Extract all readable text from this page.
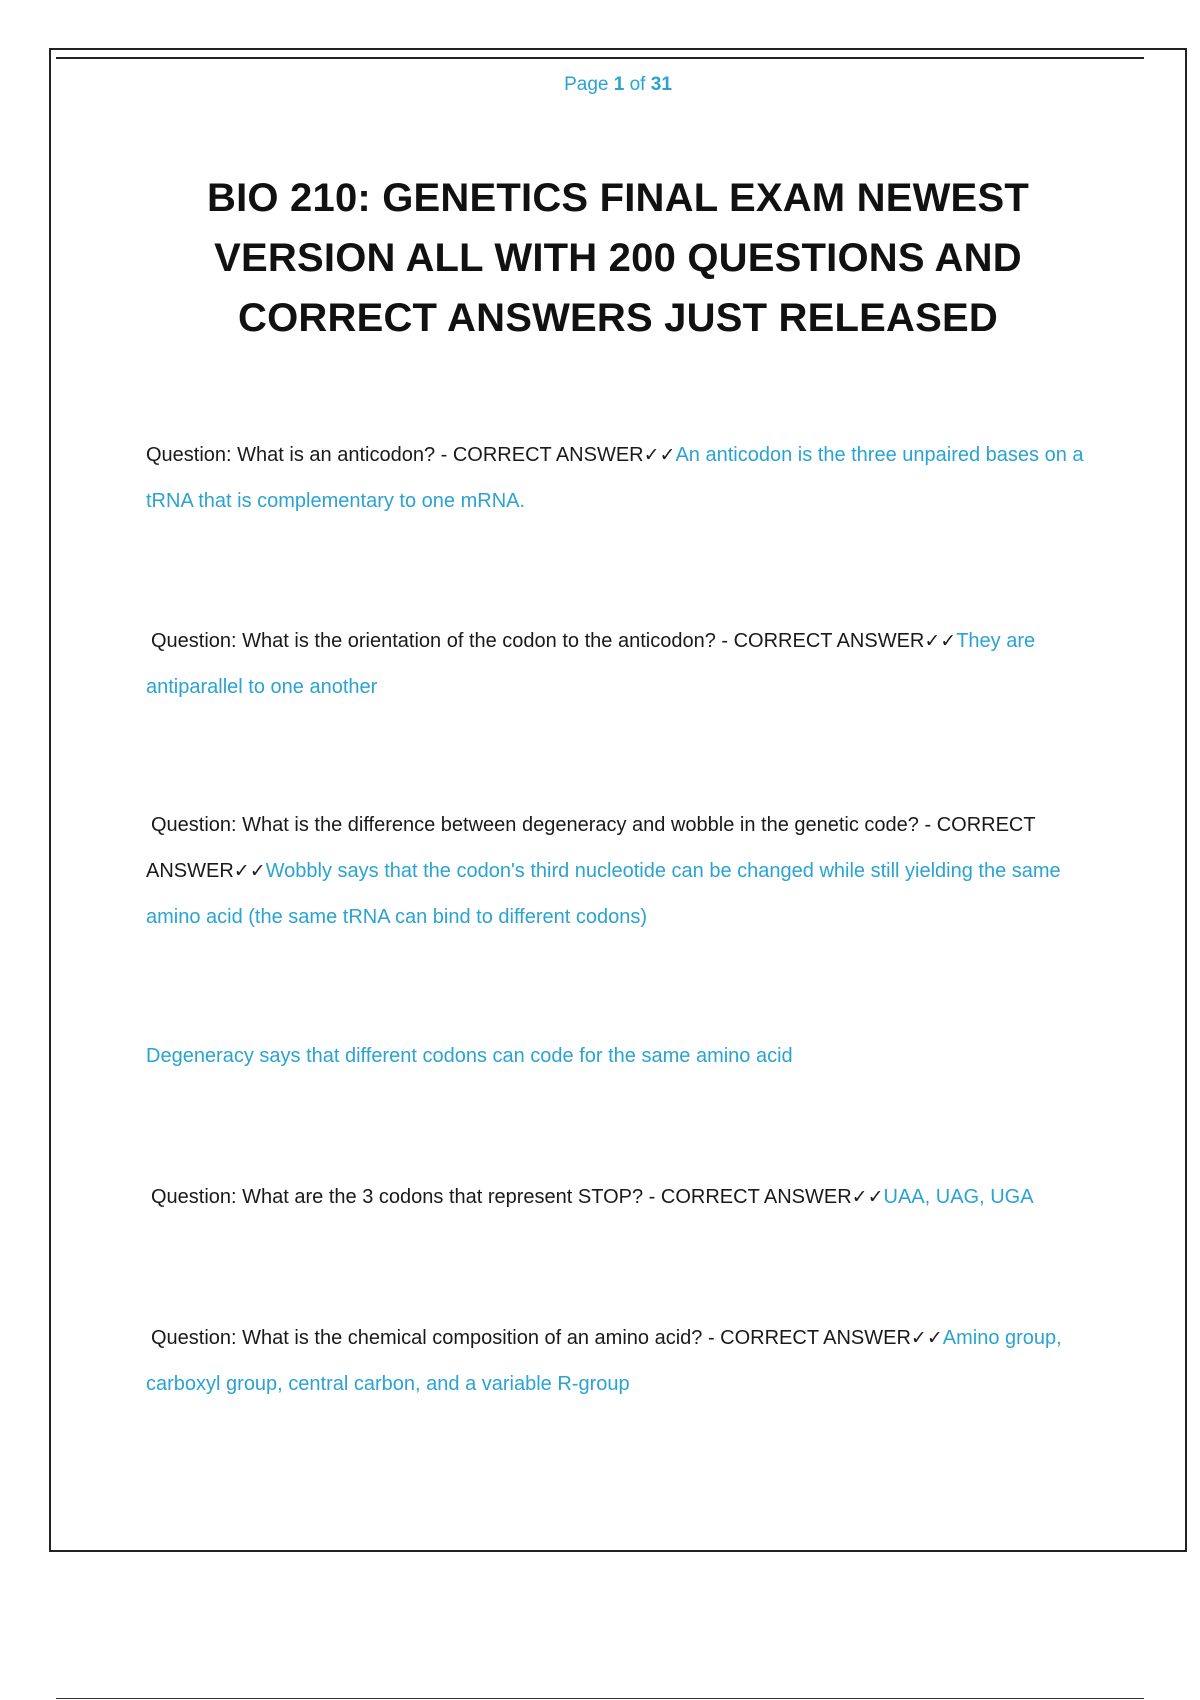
Page 1 of 31
BIO 210: GENETICS FINAL EXAM NEWEST VERSION ALL WITH 200 QUESTIONS AND CORRECT ANSWERS JUST RELEASED

Question: What is an anticodon? - CORRECT ANSWER✓✓An anticodon is the three unpaired bases on a tRNA that is complementary to one mRNA.

Question: What is the orientation of the codon to the anticodon? - CORRECT ANSWER✓✓They are antiparallel to one another

Question: What is the difference between degeneracy and wobble in the genetic code? - CORRECT ANSWER✓✓Wobbly says that the codon's third nucleotide can be changed while still yielding the same amino acid (the same tRNA can bind to different codons)

Degeneracy says that different codons can code for the same amino acid

Question: What are the 3 codons that represent STOP? - CORRECT ANSWER✓✓UAA, UAG, UGA

Question: What is the chemical composition of an amino acid? - CORRECT ANSWER✓✓Amino group, carboxyl group, central carbon, and a variable R-group
